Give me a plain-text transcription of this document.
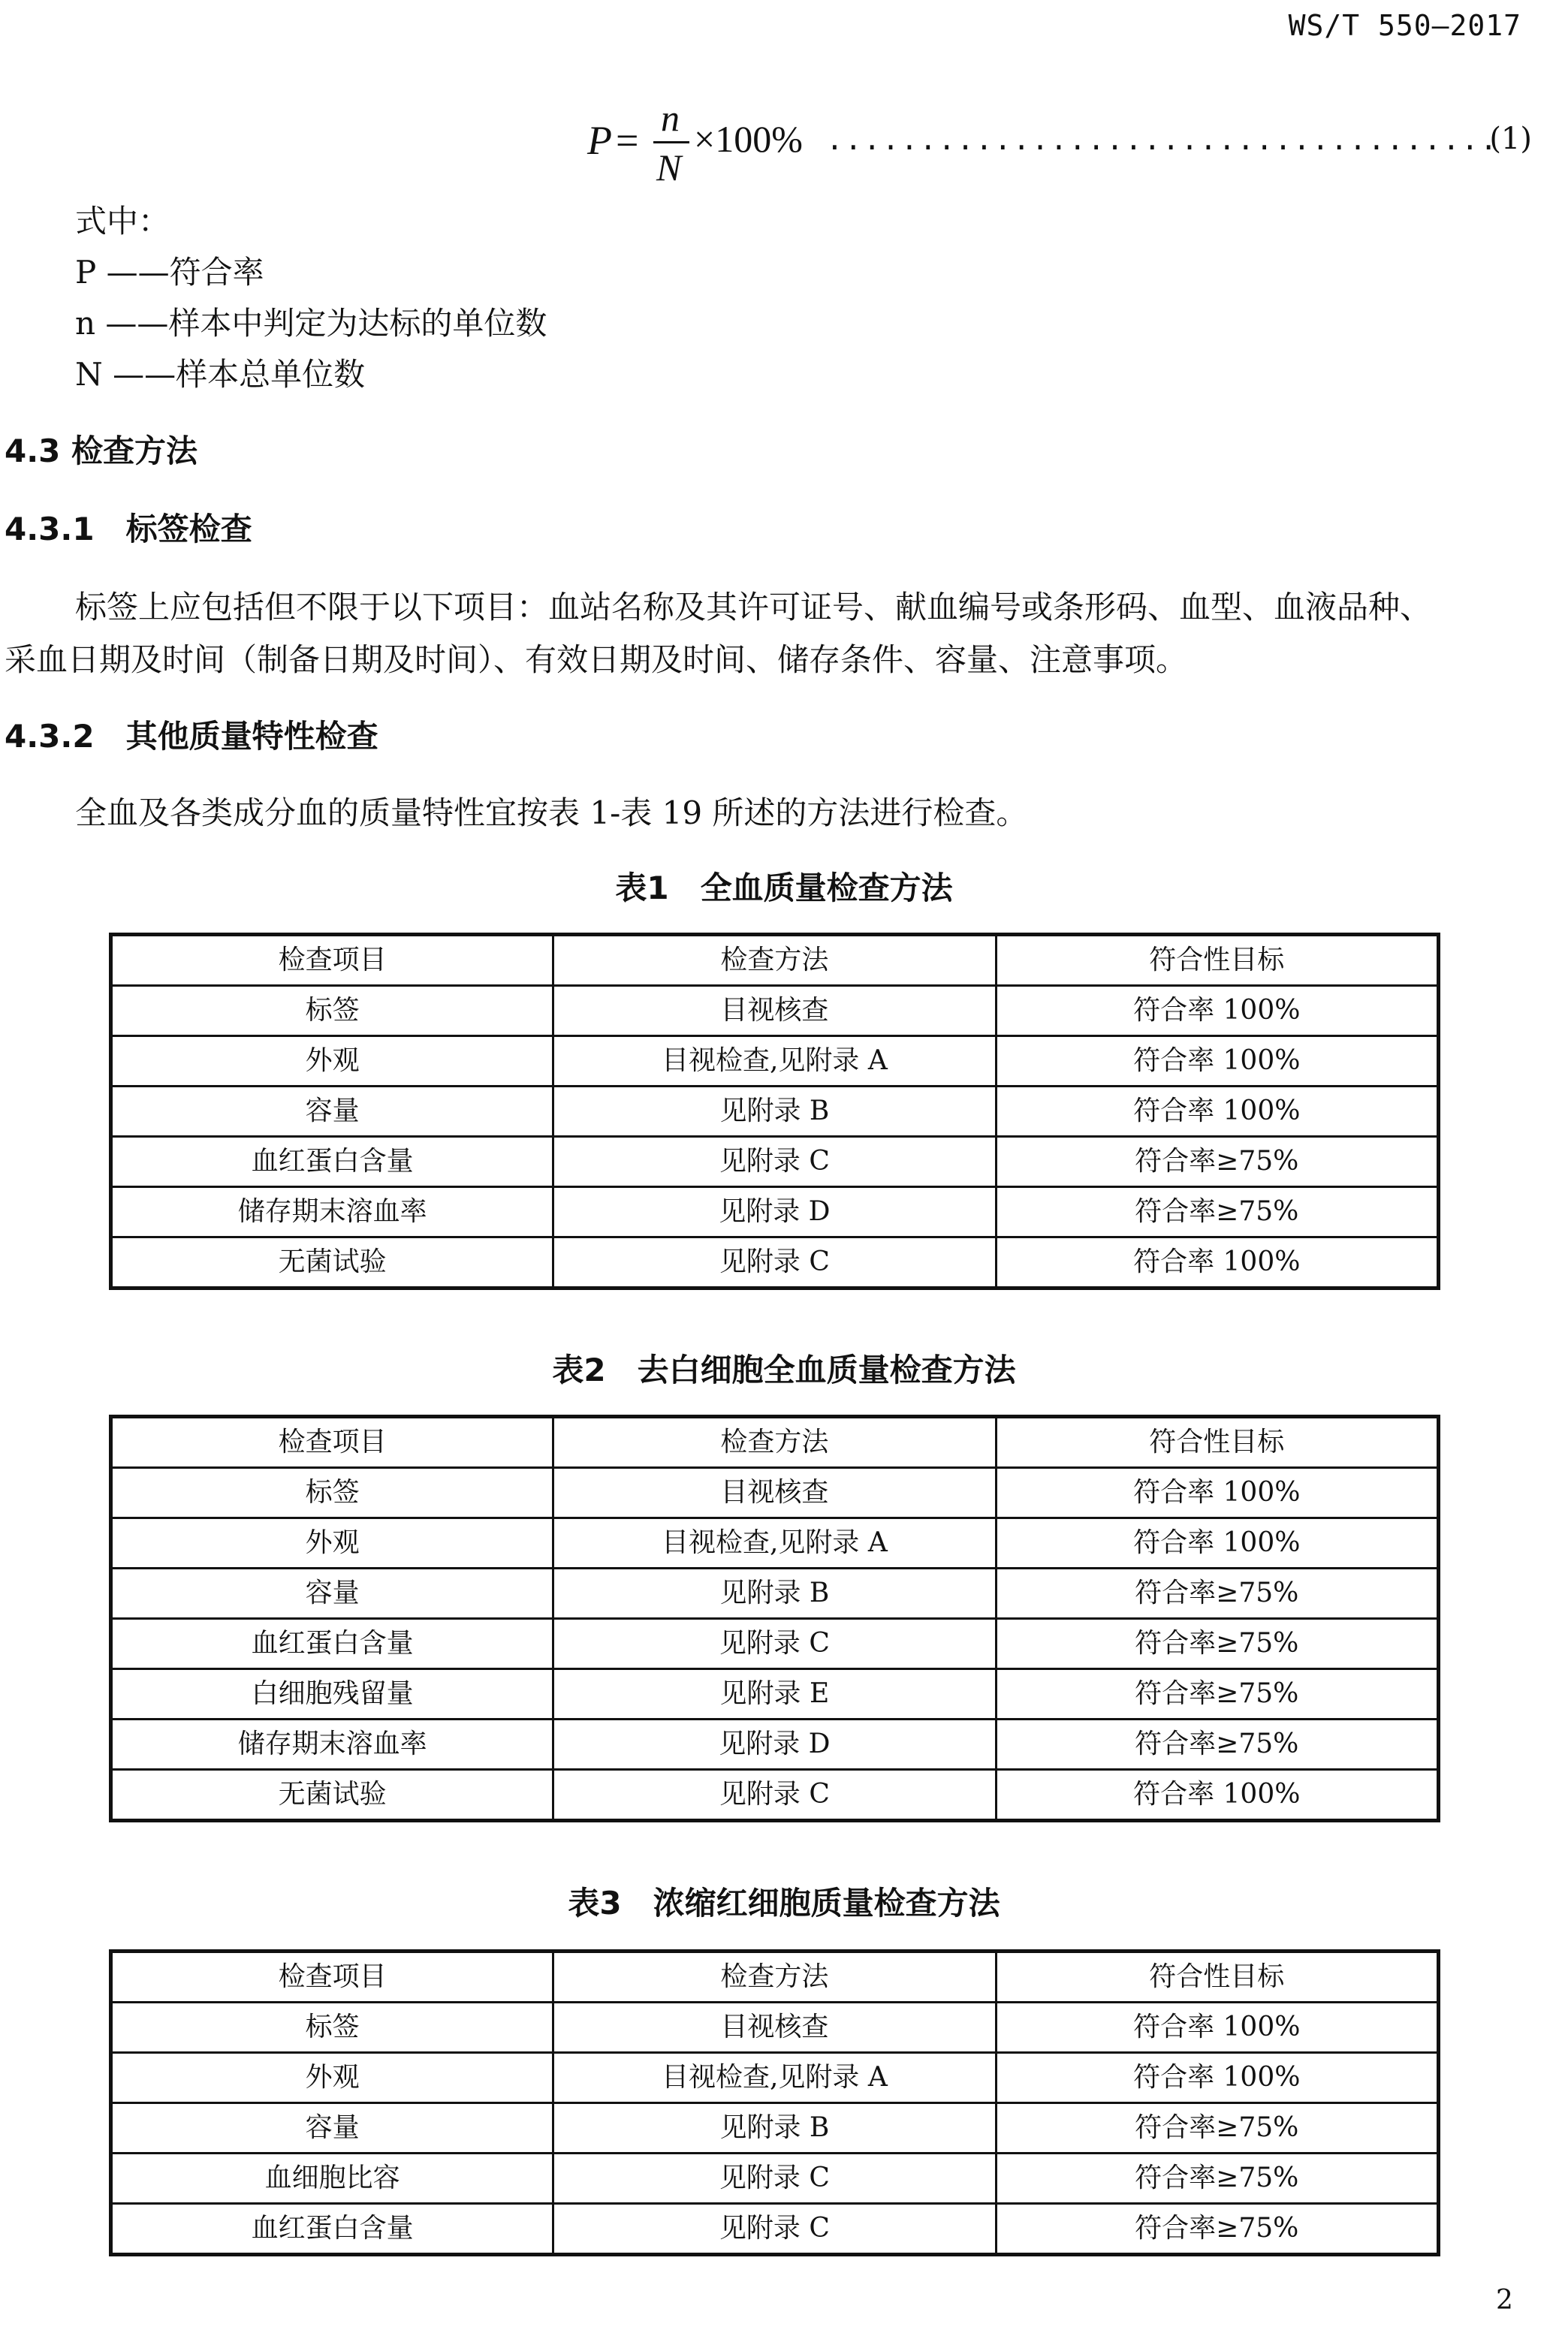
WS/T 550—2017
P = n
N
×100% ....................................
(1)
式中：
P ——符合率
n ——样本中判定为达标的单位数
N ——样本总单位数
4.3 检查方法
4.3.1　标签检查
标签上应包括但不限于以下项目：血站名称及其许可证号、献血编号或条形码、血型、血液品种、
采血日期及时间（制备日期及时间）、有效日期及时间、储存条件、容量、注意事项。
4.3.2　其他质量特性检查
全血及各类成分血的质量特性宜按表 1-表 19 所述的方法进行检查。
表1　全血质量检查方法
检查项目	检查方法	符合性目标
标签	目视核查	符合率 100%
外观	目视检查,见附录 A	符合率 100%
容量	见附录 B	符合率 100%
血红蛋白含量	见附录 C	符合率≥75%
储存期末溶血率	见附录 D	符合率≥75%
无菌试验	见附录 C	符合率 100%
表2　去白细胞全血质量检查方法
检查项目	检查方法	符合性目标
标签	目视核查	符合率 100%
外观	目视检查,见附录 A	符合率 100%
容量	见附录 B	符合率≥75%
血红蛋白含量	见附录 C	符合率≥75%
白细胞残留量	见附录 E	符合率≥75%
储存期末溶血率	见附录 D	符合率≥75%
无菌试验	见附录 C	符合率 100%
表3　浓缩红细胞质量检查方法
检查项目	检查方法	符合性目标
标签	目视核查	符合率 100%
外观	目视检查,见附录 A	符合率 100%
容量	见附录 B	符合率≥75%
血细胞比容	见附录 C	符合率≥75%
血红蛋白含量	见附录 C	符合率≥75%
2
